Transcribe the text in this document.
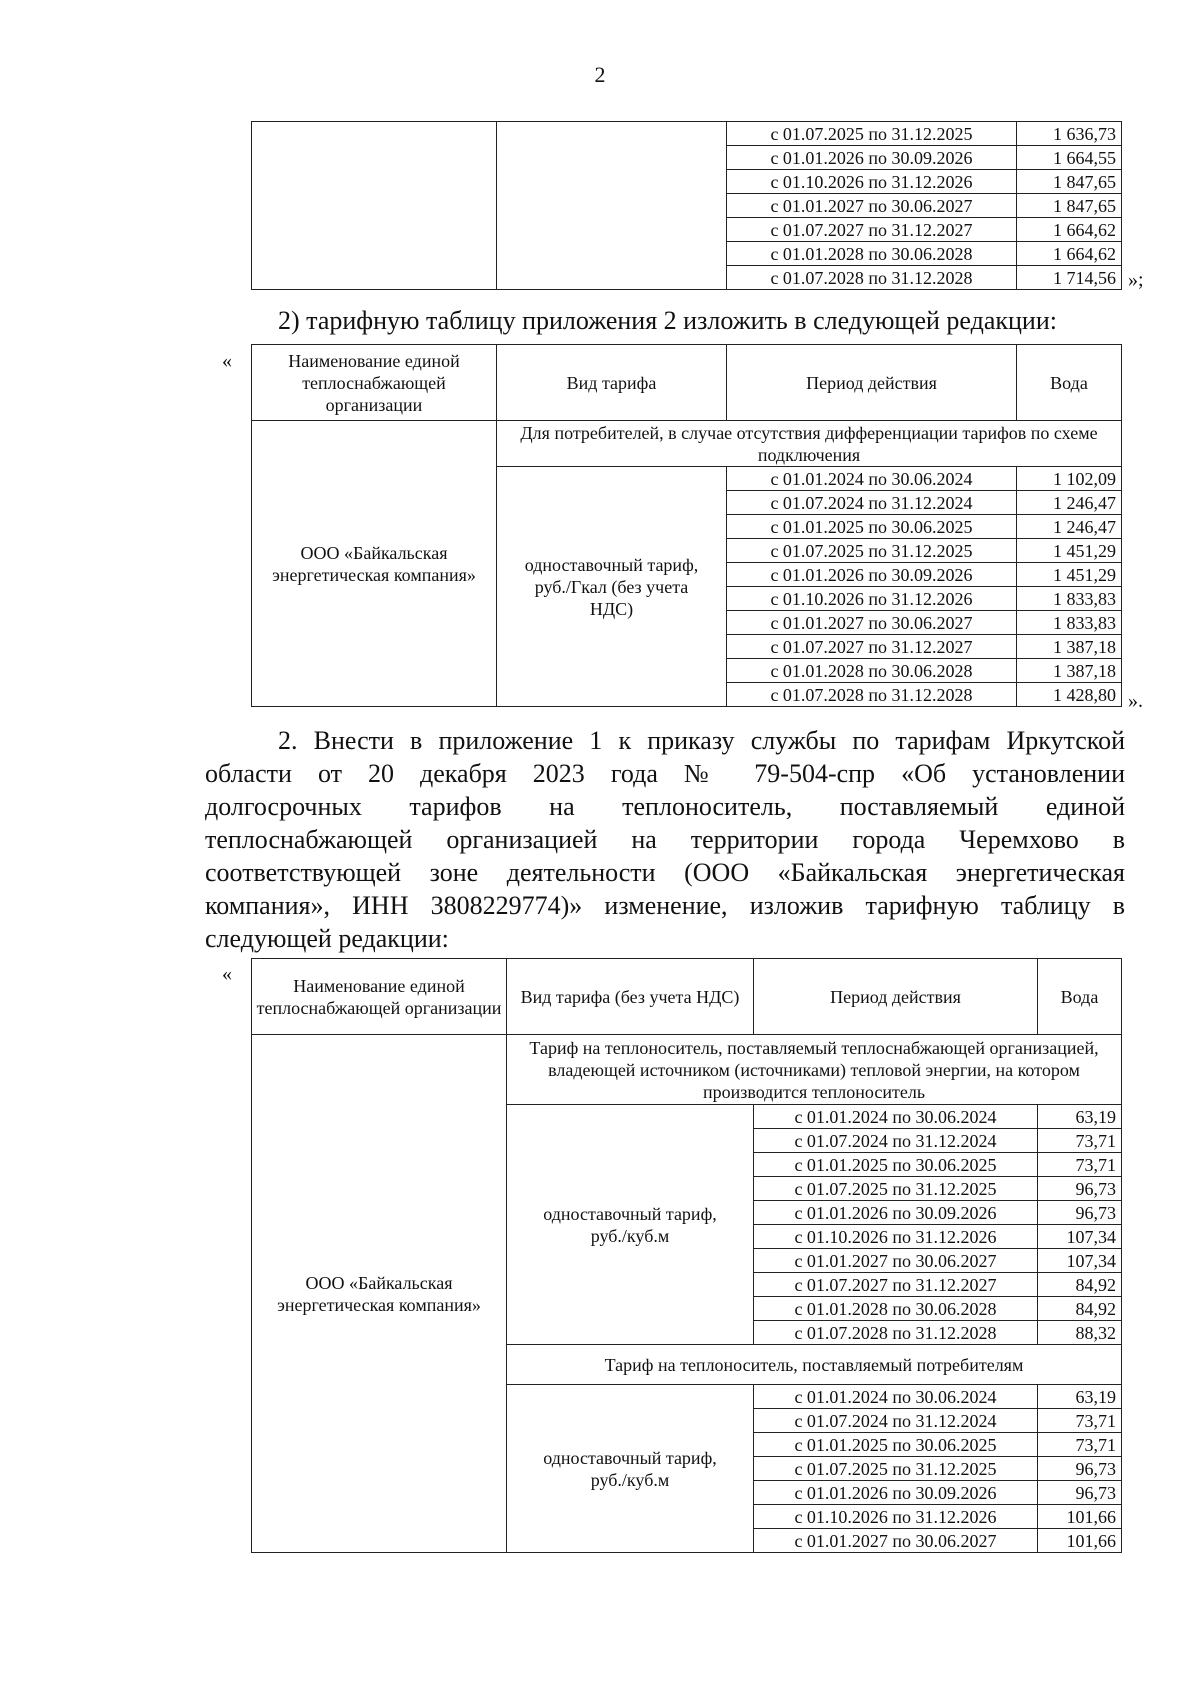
2
		с 01.07.2025 по 31.12.2025	1 636,73
		с 01.01.2026 по 30.09.2026	1 664,55
		с 01.10.2026 по 31.12.2026	1 847,65
		с 01.01.2027 по 30.06.2027	1 847,65
		с 01.07.2027 по 31.12.2027	1 664,62
		с 01.01.2028 по 30.06.2028	1 664,62
		с 01.07.2028 по 31.12.2028	1 714,56 »;
2) тарифную таблицу приложения 2 изложить в следующей редакции:
«	Наименование единой теплоснабжающей организации	Вид тарифа	Период действия	Вода
ООО «Байкальская энергетическая компания»	Для потребителей, в случае отсутствия дифференциации тарифов по схеме подключения		
	одноставочный тариф, руб./Гкал (без учета НДС)	с 01.01.2024 по 30.06.2024	1 102,09
		с 01.07.2024 по 31.12.2024	1 246,47
		с 01.01.2025 по 30.06.2025	1 246,47
		с 01.07.2025 по 31.12.2025	1 451,29
		с 01.01.2026 по 30.09.2026	1 451,29
		с 01.10.2026 по 31.12.2026	1 833,83
		с 01.01.2027 по 30.06.2027	1 833,83
		с 01.07.2027 по 31.12.2027	1 387,18
		с 01.01.2028 по 30.06.2028	1 387,18
		с 01.07.2028 по 31.12.2028	1 428,80 ».
2. Внести в приложение 1 к приказу службы по тарифам Иркутской
области от 20 декабря 2023 года № 79-504-спр «Об установлении
долгосрочных тарифов на теплоноситель, поставляемый единой
теплоснабжающей организацией на территории города Черемхово в
соответствующей зоне деятельности (ООО «Байкальская энергетическая
компания», ИНН 3808229774)» изменение, изложив тарифную таблицу в
следующей редакции:
«
Наименование единой теплоснабжающей организации	Вид тарифа (без учета НДС)	Период действия	Вода
ООО «Байкальская энергетическая компания»	Тариф на теплоноситель, поставляемый теплоснабжающей организацией, владеющей источником (источниками) тепловой энергии, на котором производится теплоноситель		
	одноставочный тариф, руб./куб.м	с 01.01.2024 по 30.06.2024	63,19
		с 01.07.2024 по 31.12.2024	73,71
		с 01.01.2025 по 30.06.2025	73,71
		с 01.07.2025 по 31.12.2025	96,73
		с 01.01.2026 по 30.09.2026	96,73
		с 01.10.2026 по 31.12.2026	107,34
		с 01.01.2027 по 30.06.2027	107,34
		с 01.07.2027 по 31.12.2027	84,92
		с 01.01.2028 по 30.06.2028	84,92
		с 01.07.2028 по 31.12.2028	88,32
	Тариф на теплоноситель, поставляемый потребителям		
	одноставочный тариф, руб./куб.м	с 01.01.2024 по 30.06.2024	63,19
		с 01.07.2024 по 31.12.2024	73,71
		с 01.01.2025 по 30.06.2025	73,71
		с 01.07.2025 по 31.12.2025	96,73
		с 01.01.2026 по 30.09.2026	96,73
		с 01.10.2026 по 31.12.2026	101,66
		с 01.01.2027 по 30.06.2027	101,66
